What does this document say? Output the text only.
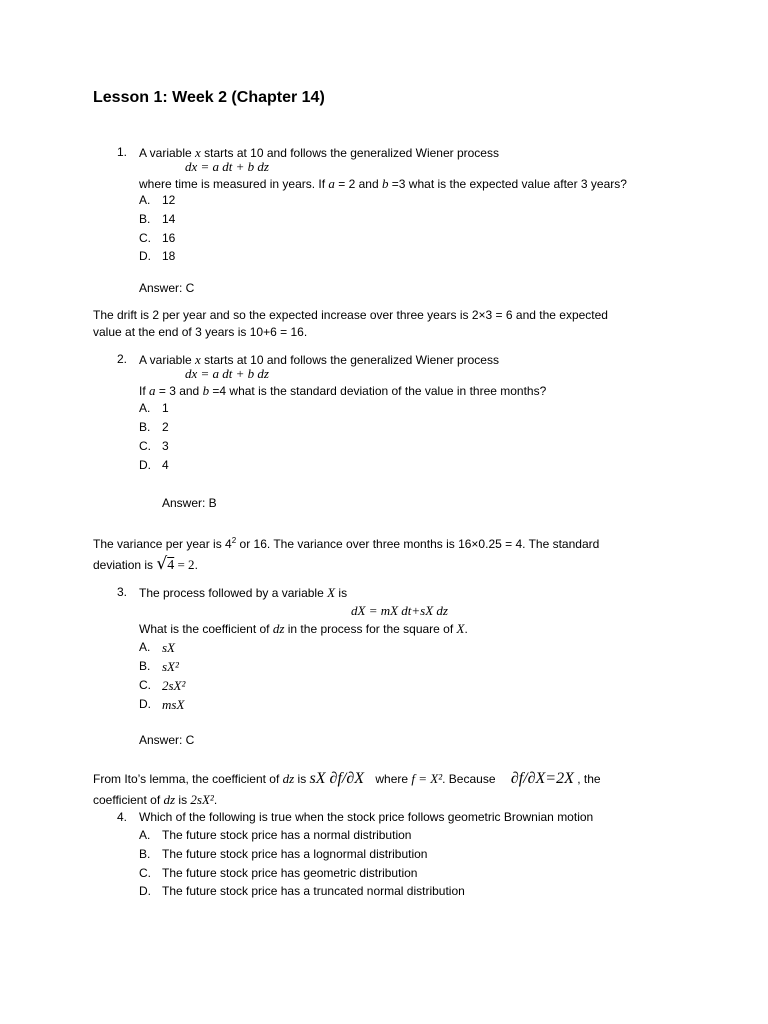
Lesson 1: Week 2 (Chapter 14)
1. A variable x starts at 10 and follows the generalized Wiener process
dx = a dt + b dz
where time is measured in years. If a = 2 and b =3 what is the expected value after 3 years?
A. 12
B. 14
C. 16
D. 18
Answer: C
The drift is 2 per year and so the expected increase over three years is 2×3 = 6 and the expected
value at the end of 3 years is 10+6 = 16.
2. A variable x starts at 10 and follows the generalized Wiener process
dx = a dt + b dz
If a = 3 and b =4 what is the standard deviation of the value in three months?
A. 1
B. 2
C. 3
D. 4
Answer: B
The variance per year is $4^2$ or 16. The variance over three months is 16×0.25 = 4. The standard
deviation is √4 = 2.
3. The process followed by a variable X is
dX = mX dt+sX dz
What is the coefficient of dz in the process for the square of X.
A. sX
B. sX²
C. 2sX²
D. msX
Answer: C
From Ito’s lemma, the coefficient of dz is sX ∂f/∂X where f = X². Because ∂f/∂X=2X , the
coefficient of dz is 2sX².
4. Which of the following is true when the stock price follows geometric Brownian motion
A. The future stock price has a normal distribution
B. The future stock price has a lognormal distribution
C. The future stock price has geometric distribution
D. The future stock price has a truncated normal distribution
